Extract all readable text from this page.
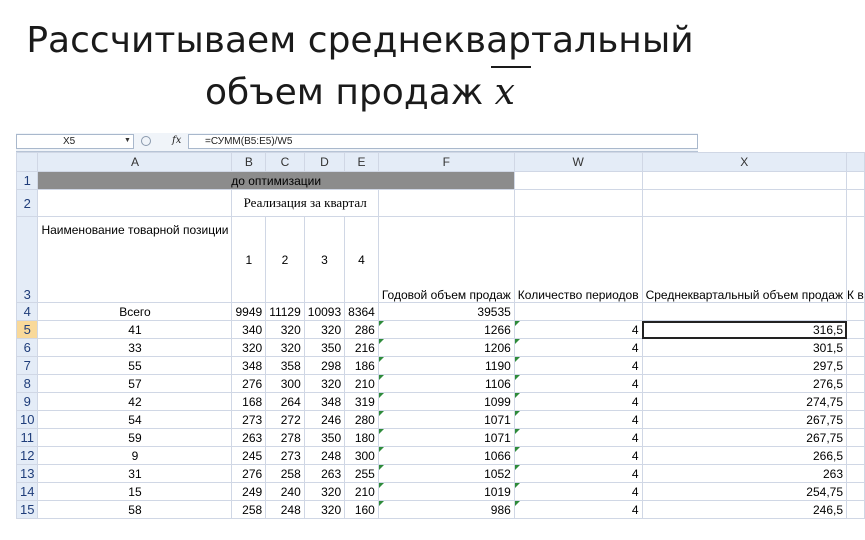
Рассчитываем среднеквартальный
объем продаж x
X5	▼	fx	=СУММ(B5:E5)/W5
	A	B	C	D	E	F	W	X	
1	до оптимизации								
2		Реализация за квартал							
3	Наименование товарной позиции	1	2	3	4	Годовой объем продаж	Количество периодов	Среднеквартальный объем продаж	К в
4	Всего	9949	11129	10093	8364	39535			
5	41	340	320	320	286	1266	4	316,5	
6	33	320	320	350	216	1206	4	301,5	
7	55	348	358	298	186	1190	4	297,5	
8	57	276	300	320	210	1106	4	276,5	
9	42	168	264	348	319	1099	4	274,75	
10	54	273	272	246	280	1071	4	267,75	
11	59	263	278	350	180	1071	4	267,75	
12	9	245	273	248	300	1066	4	266,5	
13	31	276	258	263	255	1052	4	263	
14	15	249	240	320	210	1019	4	254,75	
15	58	258	248	320	160	986	4	246,5	
